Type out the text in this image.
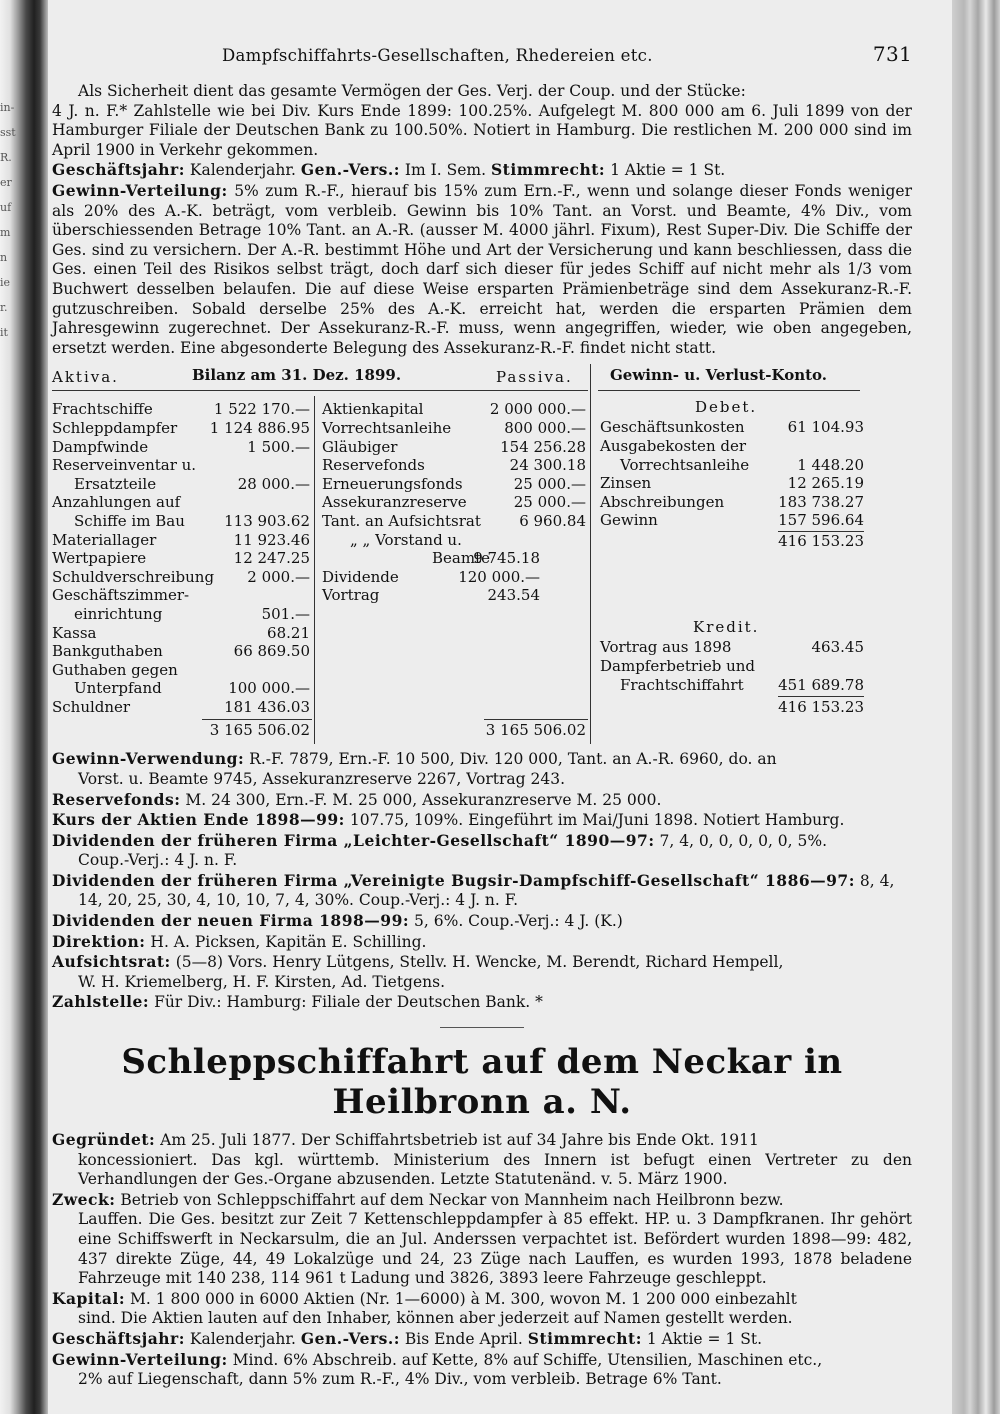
in-
sst
R.
er
uf
m
n
ie
r.
it
Dampfschiffahrts-Gesellschaften, Rhedereien etc.	731
Als Sicherheit dient das gesamte Vermögen der Ges. Verj. der Coup. und der Stücke:
4 J. n. F.* Zahlstelle wie bei Div. Kurs Ende 1899: 100.25%. Aufgelegt M. 800 000 am 6. Juli 1899 von der Hamburger Filiale der Deutschen Bank zu 100.50%. Notiert in Hamburg. Die restlichen M. 200 000 sind im April 1900 in Verkehr gekommen.
Geschäftsjahr: Kalenderjahr. Gen.-Vers.: Im I. Sem. Stimmrecht: 1 Aktie = 1 St.
Gewinn-Verteilung: 5% zum R.-F., hierauf bis 15% zum Ern.-F., wenn und solange dieser Fonds weniger als 20% des A.-K. beträgt, vom verbleib. Gewinn bis 10% Tant. an Vorst. und Beamte, 4% Div., vom überschiessenden Betrage 10% Tant. an A.-R. (ausser M. 4000 jährl. Fixum), Rest Super-Div. Die Schiffe der Ges. sind zu versichern. Der A.-R. bestimmt Höhe und Art der Versicherung und kann beschliessen, dass die Ges. einen Teil des Risikos selbst trägt, doch darf sich dieser für jedes Schiff auf nicht mehr als 1/3 vom Buchwert desselben belaufen. Die auf diese Weise ersparten Prämienbeträge sind dem Assekuranz-R.-F. gutzuschreiben. Sobald derselbe 25% des A.-K. erreicht hat, werden die ersparten Prämien dem Jahresgewinn zugerechnet. Der Assekuranz-R.-F. muss, wenn angegriffen, wieder, wie oben angegeben, ersetzt werden. Eine abgesonderte Belegung des Assekuranz-R.-F. findet nicht statt.
Aktiva.	Bilanz am 31. Dez. 1899.	Passiva. Gewinn- u. Verlust-Konto.
Debet.
Kredit.
Frachtschiffe	1 522 170.—
Schleppdampfer 1 124 886.95
Dampfwinde	1 500.—
Reserveinventar u.
Ersatzteile	28 000.—
Anzahlungen auf
Schiffe im Bau	113 903.62
Materiallager	11 923.46
Wertpapiere	12 247.25
Schuldverschreibung 2 000.—
Geschäftszimmer-
einrichtung	501.—
Kassa	68.21
Bankguthaben	66 869.50
Guthaben gegen
Unterpfand	100 000.—
Schuldner	181 436.03
3 165 506.02
Aktienkapital	2 000 000.—
Vorrechtsanleihe	800 000.—
Gläubiger	154 256.28
Reservefonds	24 300.18
Erneuerungsfonds	25 000.—
Assekuranzreserve	25 000.—
Tant. an Aufsichtsrat	6 960.84
„ „ Vorstand u.
Beamte
9 745.18
Dividende	120 000.—
Vortrag	243.54
3 165 506.02
Geschäftsunkosten	61 104.93
Ausgabekosten der
Vorrechtsanleihe	1 448.20
Zinsen	12 265.19
Abschreibungen	183 738.27
Gewinn	157 596.64
416 153.23
Vortrag aus 1898	463.45
Dampferbetrieb und
Frachtschiffahrt 451 689.78
416 153.23

Gewinn-Verwendung: R.-F. 7879, Ern.-F. 10 500, Div. 120 000, Tant. an A.-R. 6960, do. an
Vorst. u. Beamte 9745, Assekuranzreserve 2267, Vortrag 243.

Reservefonds: M. 24 300, Ern.-F. M. 25 000, Assekuranzreserve M. 25 000.

Kurs der Aktien Ende 1898—99: 107.75, 109%. Eingeführt im Mai/Juni 1898. Notiert Hamburg.

Dividenden der früheren Firma „Leichter-Gesellschaft“ 1890—97: 7, 4, 0, 0, 0, 0, 0, 5%.
Coup.-Verj.: 4 J. n. F.

Dividenden der früheren Firma „Vereinigte Bugsir-Dampfschiff-Gesellschaft“ 1886—97: 8, 4,
14, 20, 25, 30, 4, 10, 10, 7, 4, 30%. Coup.-Verj.: 4 J. n. F.

Dividenden der neuen Firma 1898—99: 5, 6%. Coup.-Verj.: 4 J. (K.)

Direktion: H. A. Picksen, Kapitän E. Schilling.

Aufsichtsrat: (5—8) Vors. Henry Lütgens, Stellv. H. Wencke, M. Berendt, Richard Hempell,
W. H. Kriemelberg, H. F. Kirsten, Ad. Tietgens.

Zahlstelle: Für Div.: Hamburg: Filiale der Deutschen Bank. *

Schleppschiffahrt auf dem Neckar in Heilbronn a. N.

Gegründet: Am 25. Juli 1877. Der Schiffahrtsbetrieb ist auf 34 Jahre bis Ende Okt. 1911
koncessioniert. Das kgl. württemb. Ministerium des Innern ist befugt einen Vertreter zu den Verhandlungen der Ges.-Organe abzusenden. Letzte Statutenänd. v. 5. März 1900.

Zweck: Betrieb von Schleppschiffahrt auf dem Neckar von Mannheim nach Heilbronn bezw.
Lauffen. Die Ges. besitzt zur Zeit 7 Kettenschleppdampfer à 85 effekt. HP. u. 3 Dampfkranen. Ihr gehört eine Schiffswerft in Neckarsulm, die an Jul. Anderssen verpachtet ist. Befördert wurden 1898—99: 482, 437 direkte Züge, 44, 49 Lokalzüge und 24, 23 Züge nach Lauffen, es wurden 1993, 1878 beladene Fahrzeuge mit 140 238, 114 961 t Ladung und 3826, 3893 leere Fahrzeuge geschleppt.

Kapital: M. 1 800 000 in 6000 Aktien (Nr. 1—6000) à M. 300, wovon M. 1 200 000 einbezahlt
sind. Die Aktien lauten auf den Inhaber, können aber jederzeit auf Namen gestellt werden.

Geschäftsjahr: Kalenderjahr. Gen.-Vers.: Bis Ende April. Stimmrecht: 1 Aktie = 1 St.

Gewinn-Verteilung: Mind. 6% Abschreib. auf Kette, 8% auf Schiffe, Utensilien, Maschinen etc.,
2% auf Liegenschaft, dann 5% zum R.-F., 4% Div., vom verbleib. Betrage 6% Tant.
